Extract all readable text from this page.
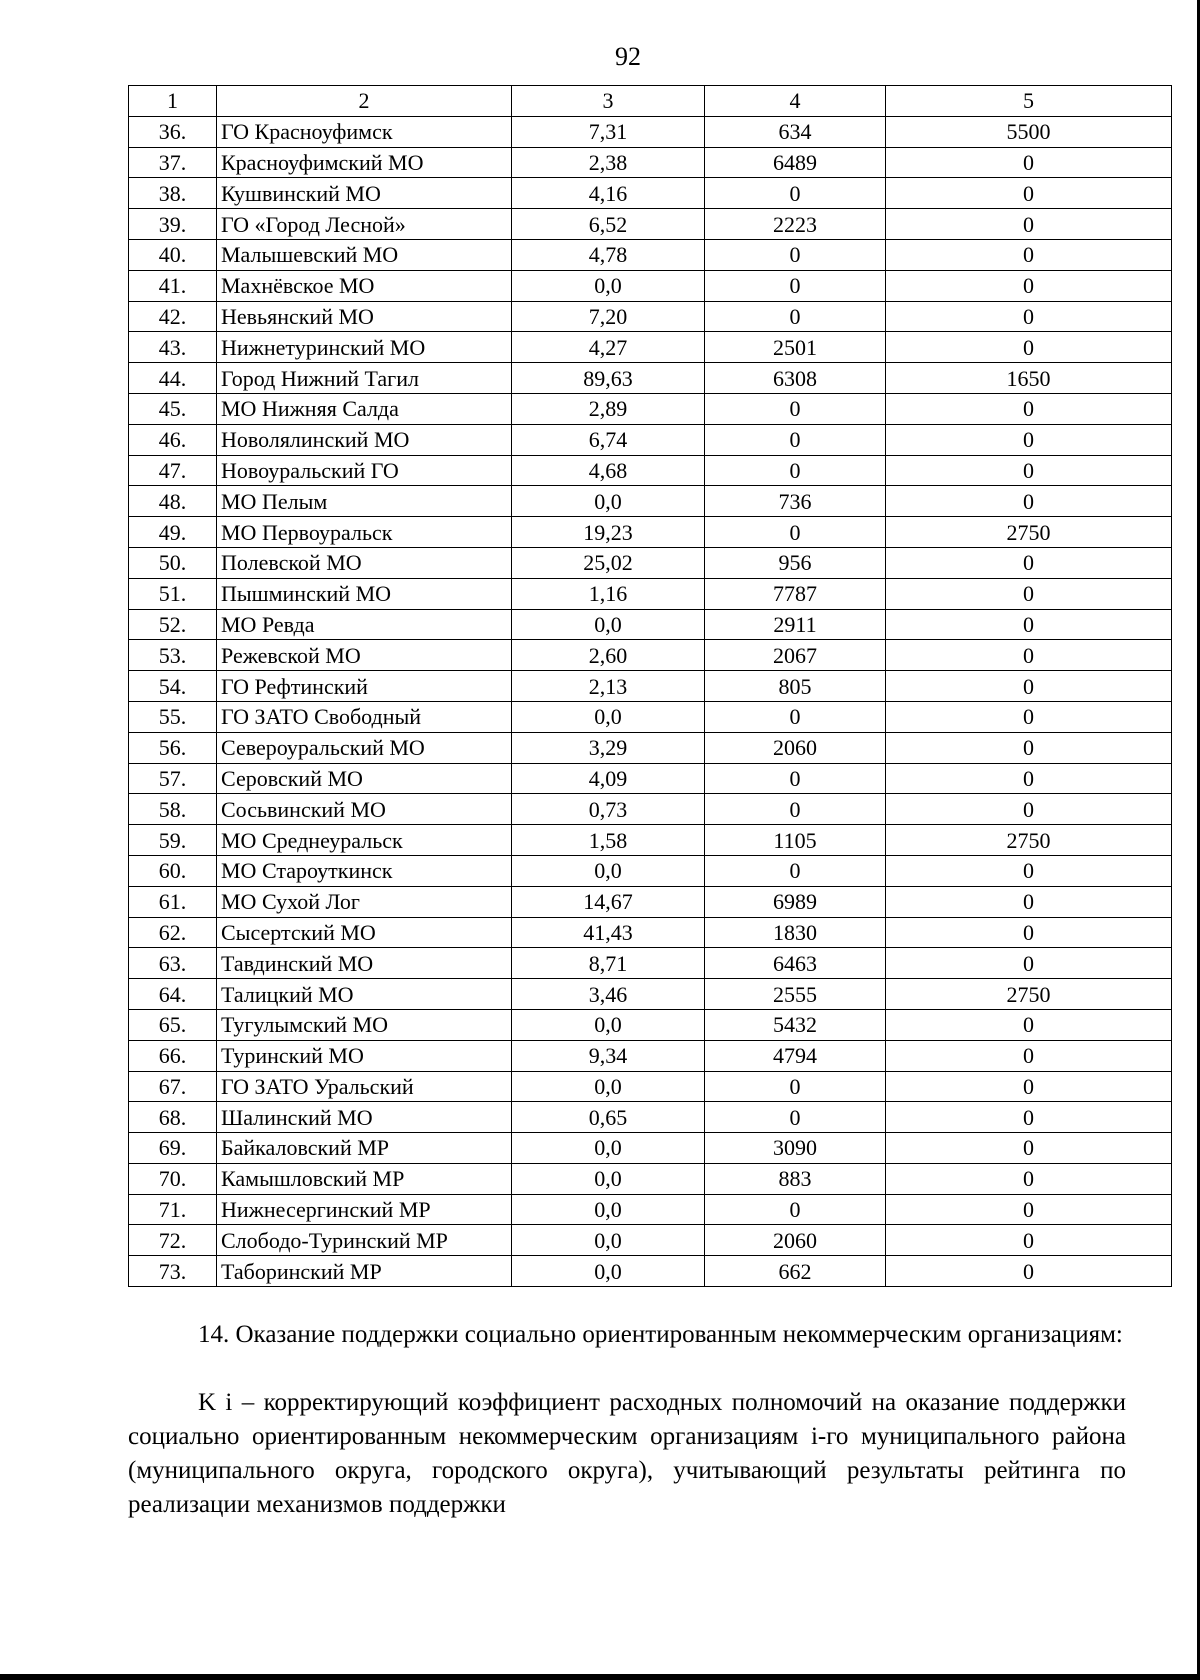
92
1	2	3	4	5
36.	ГО Красноуфимск	7,31	634	5500
37.	Красноуфимский МО	2,38	6489	0
38.	Кушвинский МО	4,16	0	0
39.	ГО «Город Лесной»	6,52	2223	0
40.	Малышевский МО	4,78	0	0
41.	Махнёвское МО	0,0	0	0
42.	Невьянский МО	7,20	0	0
43.	Нижнетуринский МО	4,27	2501	0
44.	Город Нижний Тагил	89,63	6308	1650
45.	МО Нижняя Салда	2,89	0	0
46.	Новолялинский МО	6,74	0	0
47.	Новоуральский ГО	4,68	0	0
48.	МО Пелым	0,0	736	0
49.	МО Первоуральск	19,23	0	2750
50.	Полевской МО	25,02	956	0
51.	Пышминский МО	1,16	7787	0
52.	МО Ревда	0,0	2911	0
53.	Режевской МО	2,60	2067	0
54.	ГО Рефтинский	2,13	805	0
55.	ГО ЗАТО Свободный	0,0	0	0
56.	Североуральский МО	3,29	2060	0
57.	Серовский МО	4,09	0	0
58.	Сосьвинский МО	0,73	0	0
59.	МО Среднеуральск	1,58	1105	2750
60.	МО Староуткинск	0,0	0	0
61.	МО Сухой Лог	14,67	6989	0
62.	Сысертский МО	41,43	1830	0
63.	Тавдинский МО	8,71	6463	0
64.	Талицкий МО	3,46	2555	2750
65.	Тугулымский МО	0,0	5432	0
66.	Туринский МО	9,34	4794	0
67.	ГО ЗАТО Уральский	0,0	0	0
68.	Шалинский МО	0,65	0	0
69.	Байкаловский МР	0,0	3090	0
70.	Камышловский МР	0,0	883	0
71.	Нижнесергинский МР	0,0	0	0
72.	Слободо-Туринский МР	0,0	2060	0
73.	Таборинский МР	0,0	662	0

14. Оказание поддержки социально ориентированным некоммерческим организациям:

K i – корректирующий коэффициент расходных полномочий на оказание поддержки социально ориентированным некоммерческим организациям i-го муниципального района (муниципального округа, городского округа), учитывающий результаты рейтинга по реализации механизмов поддержки
